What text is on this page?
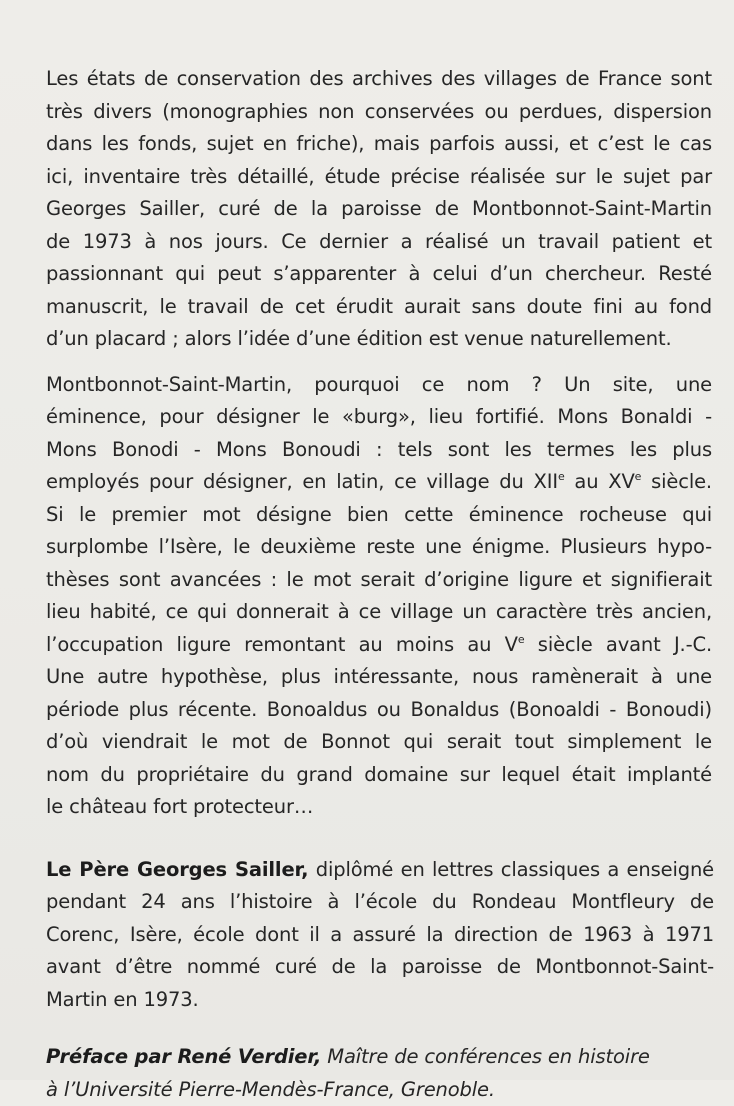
Les états de conservation des archives des villages de France sont
très divers (monographies non conservées ou perdues, dispersion
dans les fonds, sujet en friche), mais parfois aussi, et c’est le cas
ici, inventaire très détaillé, étude précise réalisée sur le sujet par
Georges Sailler, curé de la paroisse de Montbonnot-Saint-Martin
de 1973 à nos jours. Ce dernier a réalisé un travail patient et
passionnant qui peut s’apparenter à celui d’un chercheur. Resté
manuscrit, le travail de cet érudit aurait sans doute fini au fond
d’un placard ; alors l’idée d’une édition est venue naturellement.

Montbonnot-Saint-Martin, pourquoi ce nom ? Un site, une
éminence, pour désigner le «burg», lieu fortifié. Mons Bonaldi -
Mons Bonodi - Mons Bonoudi : tels sont les termes les plus
employés pour désigner, en latin, ce village du XIIe au XVe siècle.
Si le premier mot désigne bien cette éminence rocheuse qui
surplombe l’Isère, le deuxième reste une énigme. Plusieurs hypo-
thèses sont avancées : le mot serait d’origine ligure et signifierait
lieu habité, ce qui donnerait à ce village un caractère très ancien,
l’occupation ligure remontant au moins au Ve siècle avant J.-C.
Une autre hypothèse, plus intéressante, nous ramènerait à une
période plus récente. Bonoaldus ou Bonaldus (Bonoaldi - Bonoudi)
d’où viendrait le mot de Bonnot qui serait tout simplement le
nom du propriétaire du grand domaine sur lequel était implanté
le château fort protecteur…

Le Père Georges Sailler, diplômé en lettres classiques a enseigné
pendant 24 ans l’histoire à l’école du Rondeau Montfleury de
Corenc, Isère, école dont il a assuré la direction de 1963 à 1971
avant d’être nommé curé de la paroisse de Montbonnot-Saint-
Martin en 1973.

Préface par René Verdier, Maître de conférences en histoire
à l’Université Pierre-Mendès-France, Grenoble.
